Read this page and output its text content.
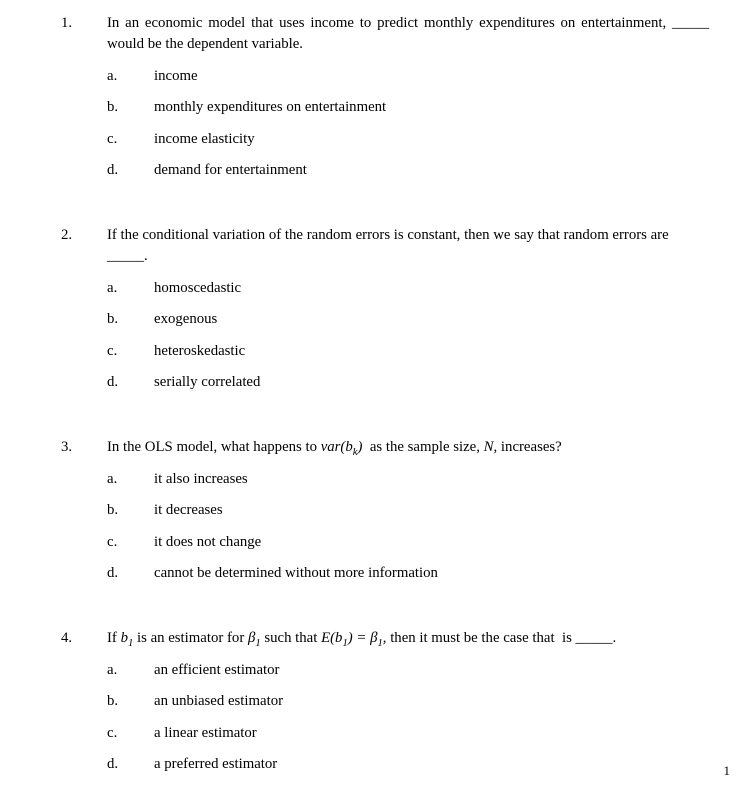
1.	In an economic model that uses income to predict monthly expenditures on entertainment, _____ would be the dependent variable.

a.	income
b.	monthly expenditures on entertainment
c.	income elasticity
d.	demand for entertainment
2.	If the conditional variation of the random errors is constant, then we say that random errors are
_____.

a.	homoscedastic
b.	exogenous
c.	heteroskedastic
d.	serially correlated
3.	In the OLS model, what happens to $var(b_k)$  as the sample size, N, increases?

a.	it also increases
b.	it decreases
c.	it does not change
d.	cannot be determined without more information
4.	If $b_1$ is an estimator for $\beta_1$ such that $E(b_1) = \beta_1$, then it must be the case that  is _____.

a.	an efficient estimator
b.	an unbiased estimator
c.	a linear estimator
d.	a preferred estimator	1
